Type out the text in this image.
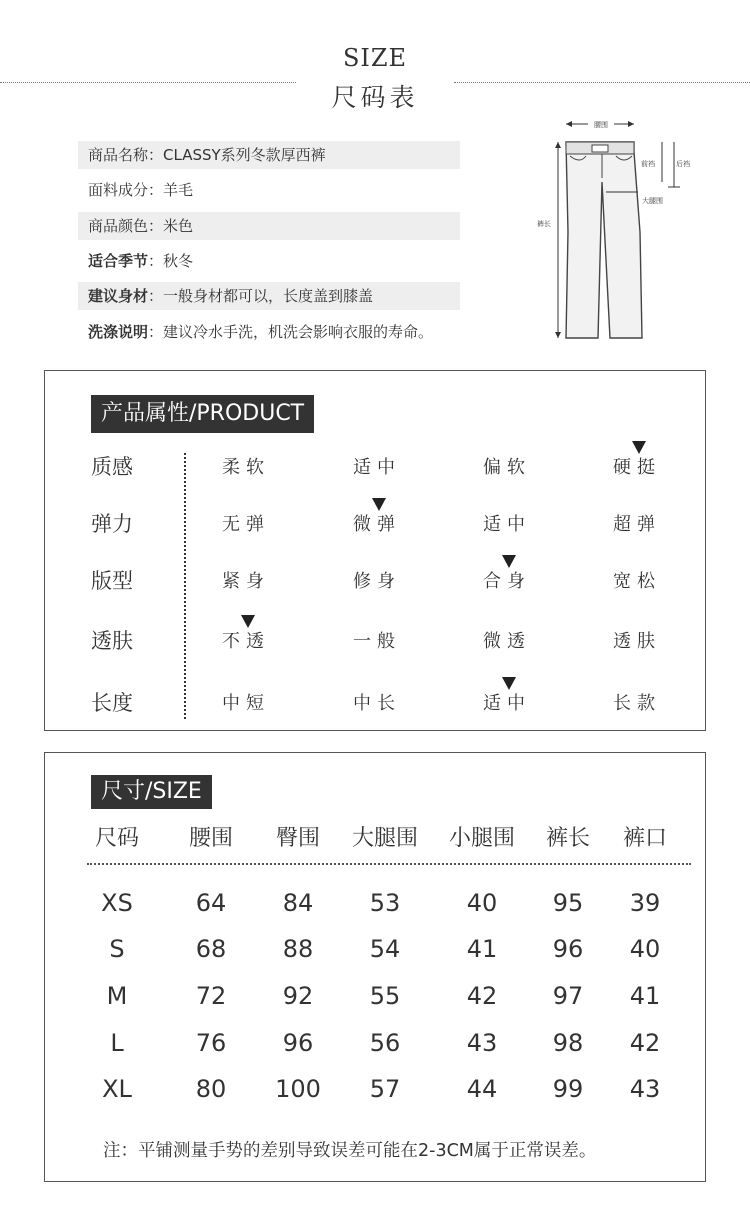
SIZE
尺码表
商品名称：CLASSY系列冬款厚西裤
面料成分：羊毛
商品颜色：米色
适合季节：秋冬
建议身材：一般身材都可以，长度盖到膝盖
洗涤说明：建议冷水手洗，机洗会影响衣服的寿命。
腰围
前裆	后裆
大腿围
裤长
产品属性/PRODUCT
质感	柔软	适中	偏软	硬挺
弹力	无弹	微弹	适中	超弹
版型	紧身	修身	合身	宽松
透肤	不透	一般	微透	透肤
长度	中短	中长	适中	长款
尺寸/SIZE
尺码	腰围	臀围	大腿围	小腿围	裤长	裤口
XS	64	84	53	40	95	39
S	68	88	54	41	96	40
M	72	92	55	42	97	41
L	76	96	56	43	98	42
XL	80	100	57	44	99	43
注：平铺测量手势的差别导致误差可能在2-3CM属于正常误差。
